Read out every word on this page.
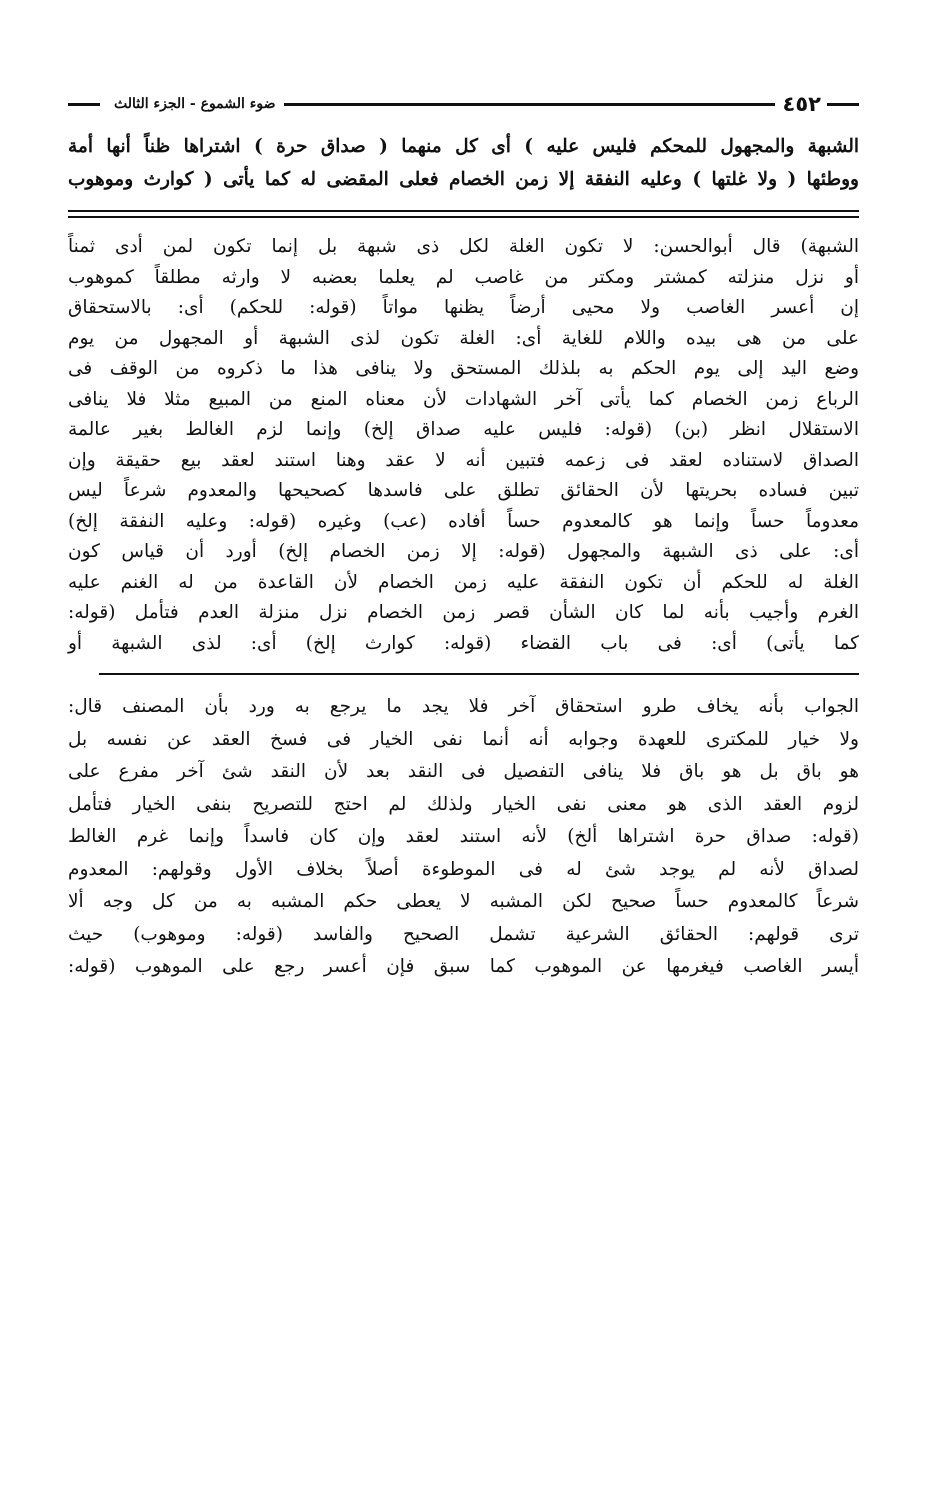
٤٥٢
ضوء الشموع - الجزء الثالث

الشبهة والمجهول للمحكم فليس عليه ) أى كل منهما ( صداق حرة ) اشتراها ظناً أنها أمة

ووطئها ( ولا غلتها ) وعليه النفقة إلا زمن الخصام فعلى المقضى له كما يأتى ( كوارث وموهوب

الشبهة) قال أبوالحسن: لا تكون الغلة لكل ذى شبهة بل إنما تكون لمن أدى ثمناً

أو نزل منزلته كمشتر ومكتر من غاصب لم يعلما بعضبه لا وارثه مطلقاً كموهوب

إن أعسر الغاصب ولا محيى أرضاً يظنها مواتاً (قوله: للحكم) أى: بالاستحقاق

على من هى بيده واللام للغاية أى: الغلة تكون لذى الشبهة أو المجهول من يوم

وضع اليد إلى يوم الحكم به بلذلك المستحق ولا ينافى هذا ما ذكروه من الوقف فى

الرباع زمن الخصام كما يأتى آخر الشهادات لأن معناه المنع من المبيع مثلا فلا ينافى

الاستقلال انظر (بن) (قوله: فليس عليه صداق إلخ) وإنما لزم الغالط بغير عالمة

الصداق لاستناده لعقد فى زعمه فتبين أنه لا عقد وهنا استند لعقد بيع حقيقة وإن

تبين فساده بحريتها لأن الحقائق تطلق على فاسدها كصحيحها والمعدوم شرعاً ليس

معدوماً حساً وإنما هو كالمعدوم حساً أفاده (عب) وغيره (قوله: وعليه النفقة إلخ)

أى: على ذى الشبهة والمجهول (قوله: إلا زمن الخصام إلخ) أورد أن قياس كون

الغلة له للحكم أن تكون النفقة عليه زمن الخصام لأن القاعدة من له الغنم عليه

الغرم وأجيب بأنه لما كان الشأن قصر زمن الخصام نزل منزلة العدم فتأمل (قوله:

كما يأتى) أى: فى باب القضاء (قوله: كوارث إلخ) أى: لذى الشبهة أو

الجواب بأنه يخاف طرو استحقاق آخر فلا يجد ما يرجع به ورد بأن المصنف قال:

ولا خيار للمكترى للعهدة وجوابه أنه أنما نفى الخيار فى فسخ العقد عن نفسه بل

هو باق بل هو باق فلا ينافى التفصيل فى النقد بعد لأن النقد شئ آخر مفرع على

لزوم العقد الذى هو معنى نفى الخيار ولذلك لم احتج للتصريح بنفى الخيار فتأمل

(قوله: صداق حرة اشتراها ألخ) لأنه استند لعقد وإن كان فاسداً وإنما غرم الغالط

لصداق لأنه لم يوجد شئ له فى الموطوءة أصلاً بخلاف الأول وقولهم: المعدوم

شرعاً كالمعدوم حساً صحيح لكن المشبه لا يعطى حكم المشبه به من كل وجه ألا

ترى قولهم: الحقائق الشرعية تشمل الصحيح والفاسد (قوله: وموهوب) حيث

أيسر الغاصب فيغرمها عن الموهوب كما سبق فإن أعسر رجع على الموهوب (قوله:
